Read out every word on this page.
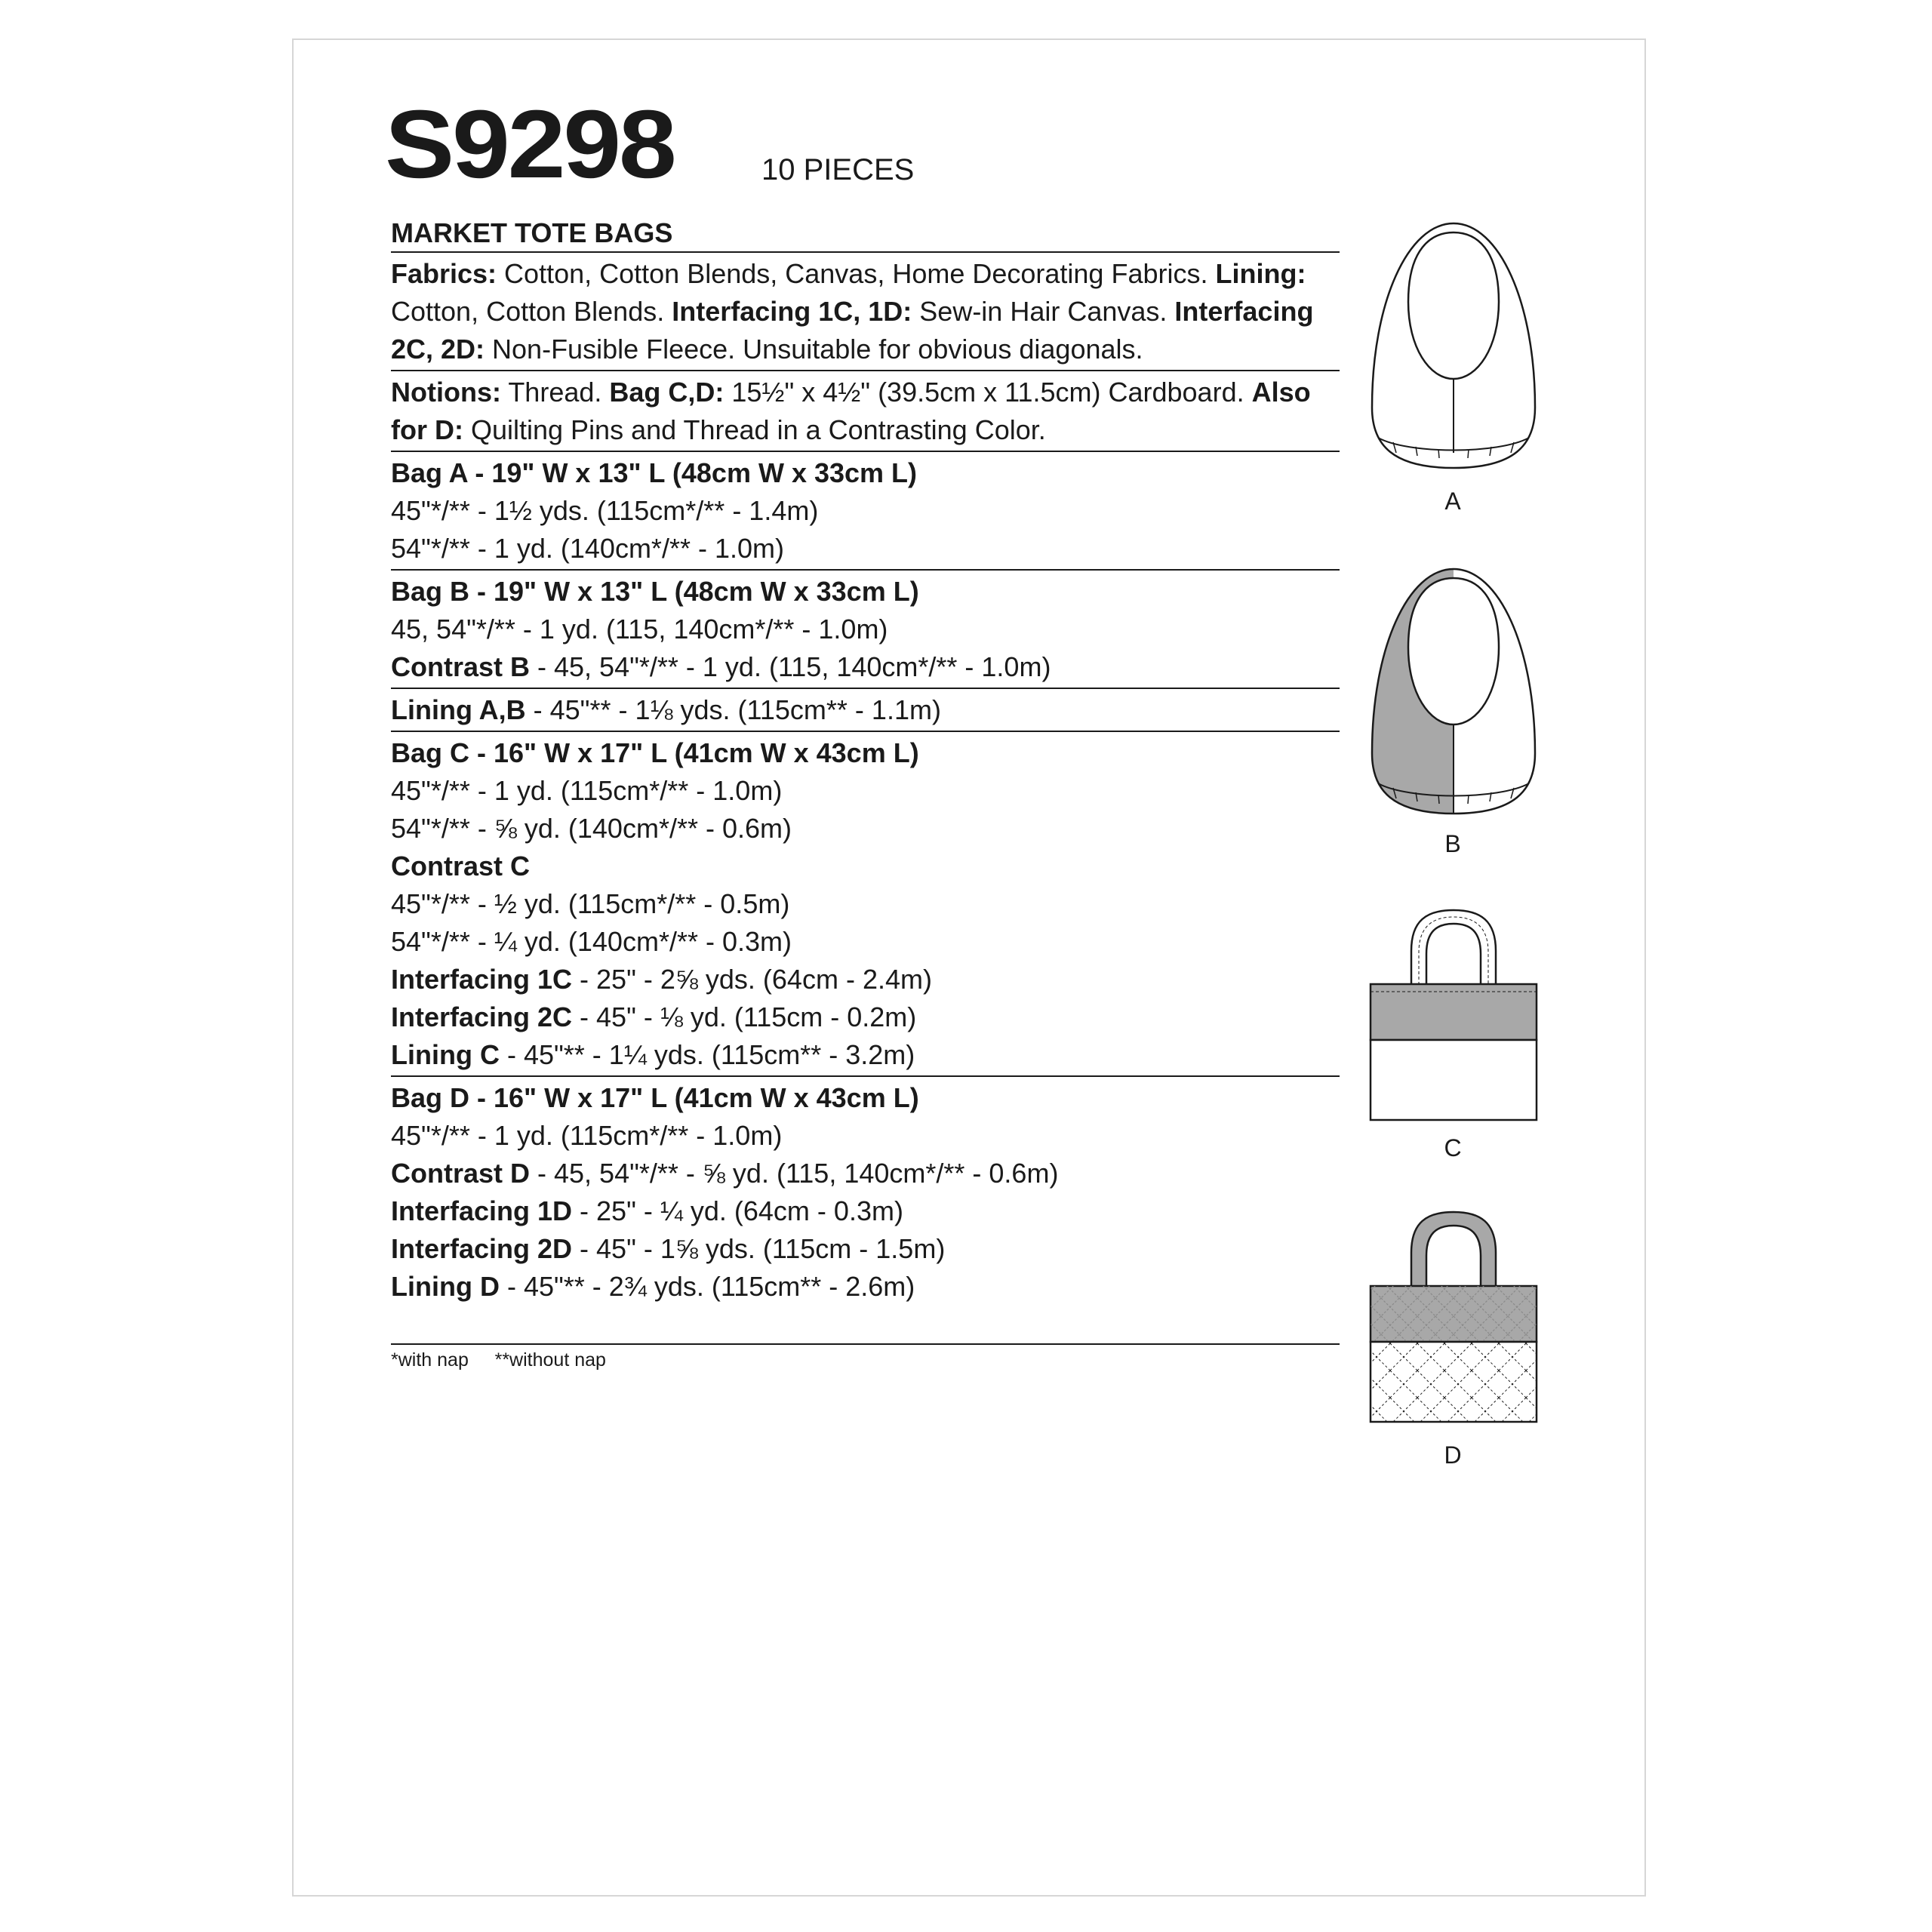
S9298	10 PIECES
MARKET TOTE BAGS
Fabrics: Cotton, Cotton Blends, Canvas, Home Decorating Fabrics. Lining: Cotton, Cotton Blends. Interfacing 1C, 1D: Sew-in Hair Canvas. Interfacing 2C, 2D: Non-Fusible Fleece. Unsuitable for obvious diagonals.
Notions: Thread. Bag C,D: 15½" x 4½" (39.5cm x 11.5cm) Cardboard. Also for D: Quilting Pins and Thread in a Contrasting Color.
Bag A - 19" W x 13" L (48cm W x 33cm L)
45"*/** - 1½ yds. (115cm*/** - 1.4m)
54"*/** - 1 yd. (140cm*/** - 1.0m)
Bag B - 19" W x 13" L (48cm W x 33cm L)
45, 54"*/** - 1 yd. (115, 140cm*/** - 1.0m)
Contrast B - 45, 54"*/** - 1 yd. (115, 140cm*/** - 1.0m)
Lining A,B - 45"** - 1⅛ yds. (115cm** - 1.1m)
Bag C - 16" W x 17" L (41cm W x 43cm L)
45"*/** - 1 yd. (115cm*/** - 1.0m)
54"*/** - ⅝ yd. (140cm*/** - 0.6m)
Contrast C
45"*/** - ½ yd. (115cm*/** - 0.5m)
54"*/** - ¼ yd. (140cm*/** - 0.3m)
Interfacing 1C - 25" - 2⅝ yds. (64cm - 2.4m)
Interfacing 2C - 45" - ⅛ yd. (115cm - 0.2m)
Lining C - 45"** - 1¼ yds. (115cm** - 3.2m)
Bag D - 16" W x 17" L (41cm W x 43cm L)
45"*/** - 1 yd. (115cm*/** - 1.0m)
Contrast D - 45, 54"*/** - ⅝ yd. (115, 140cm*/** - 0.6m)
Interfacing 1D - 25" - ¼ yd. (64cm - 0.3m)
Interfacing 2D - 45" - 1⅝ yds. (115cm - 1.5m)
Lining D - 45"** - 2¾ yds. (115cm** - 2.6m)
*with nap **without nap
A
B
C
D
